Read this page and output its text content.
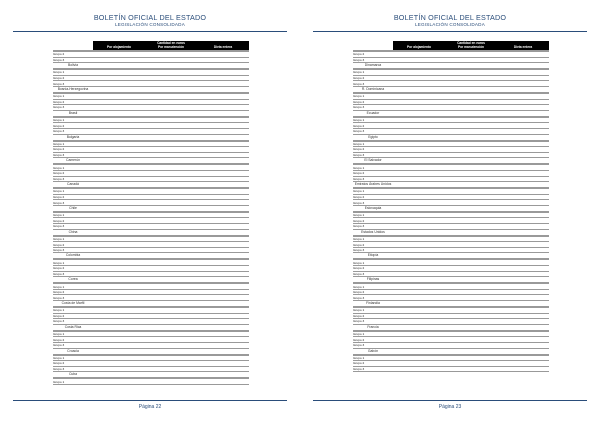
BOLETÍN OFICIAL DEL ESTADO
LEGISLACIÓN CONSOLIDADA
Cantidad en euros
Por alojamiento	Por manutención	Dieta entera
Grupo 2
Grupo 3
Bolivia
Grupo 1
Grupo 2
Grupo 3
Bosnia-Herzegovina
Grupo 1
Grupo 2
Grupo 3
Brasil
Grupo 1
Grupo 2
Grupo 3
Bulgaria
Grupo 1
Grupo 2
Grupo 3
Camerún
Grupo 1
Grupo 2
Grupo 3
Canadá
Grupo 1
Grupo 2
Grupo 3
Chile
Grupo 1
Grupo 2
Grupo 3
China
Grupo 1
Grupo 2
Grupo 3
Colombia
Grupo 1
Grupo 2
Grupo 3
Corea
Grupo 1
Grupo 2
Grupo 3
Costa de Marfil
Grupo 1
Grupo 2
Grupo 3
Costa Rica
Grupo 1
Grupo 2
Grupo 3
Croacia
Grupo 1
Grupo 2
Grupo 3
Cuba
Grupo 1
Página 22
BOLETÍN OFICIAL DEL ESTADO
LEGISLACIÓN CONSOLIDADA
Cantidad en euros
Por alojamiento	Por manutención	Dieta entera
Grupo 2
Grupo 3
Dinamarca
Grupo 1
Grupo 2
Grupo 3
R. Dominicana
Grupo 1
Grupo 2
Grupo 3
Ecuador
Grupo 1
Grupo 2
Grupo 3
Egipto
Grupo 1
Grupo 2
Grupo 3
El Salvador
Grupo 1
Grupo 2
Grupo 3
Emiratos Árabes Unidos
Grupo 1
Grupo 2
Grupo 3
Eslovaquia
Grupo 1
Grupo 2
Grupo 3
Estados Unidos
Grupo 1
Grupo 2
Grupo 3
Etiopía
Grupo 1
Grupo 2
Grupo 3
Filipinas
Grupo 1
Grupo 2
Grupo 3
Finlandia
Grupo 1
Grupo 2
Grupo 3
Francia
Grupo 1
Grupo 2
Grupo 3
Gabón
Grupo 1
Grupo 2
Grupo 3
Página 23
